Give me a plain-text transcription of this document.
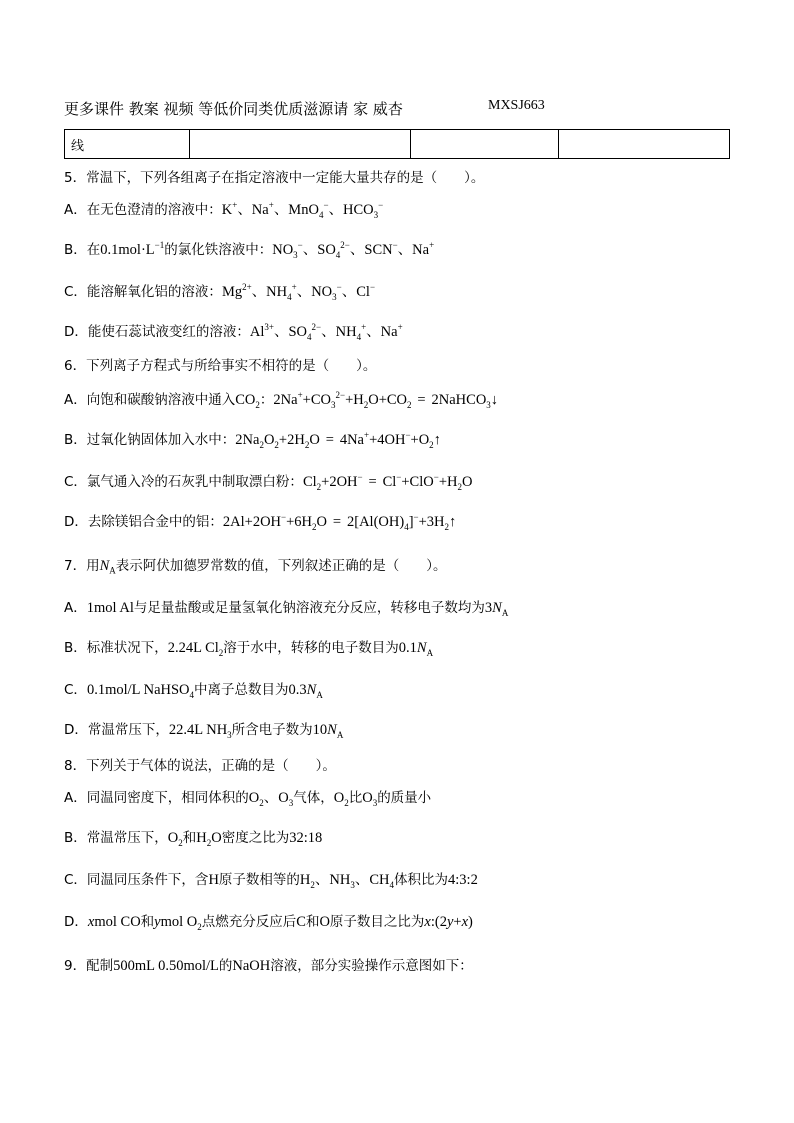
更多课件 教案 视频 等低价同类优质滋源请 家 威杏	MXSJ663
线			
5．常温下，下列各组离子在指定溶液中一定能大量共存的是（　　）。
A．在无色澄清的溶液中：K+、Na+、MnO$_4$−、$HCO_3^-$
B．在$0.1mol\cdot L^{-1}$的氯化铁溶液中：$NO_3^-$、$SO_4^{2-}$、SCN−、Na+
C．能溶解氧化铝的溶液：$Mg^{2+}$、$NH_4^+$、$NO_3^-$、Cl−
D．能使石蕊试液变红的溶液：$Al^{3+}$、$SO_4^{2-}$、$NH_4^+$、Na+
6．下列离子方程式与所给事实不相符的是（　　）。
A．向饱和碳酸钠溶液中通入$CO_2$：$2Na^++CO_3^{2-}+H_2O+CO_2=$ 2NaHCO$_3$↓
B．过氧化钠固体加入水中：$2Na_2O_2+2H_2O=$ $4Na^++4OH^-+O_2↑$
C．氯气通入冷的石灰乳中制取漂白粉：$Cl_2+2OH^-= Cl^-+ClO^-+H_2O$
D．去除镁铝合金中的铝：$2Al+2OH^-+6H_2O=$ $2[Al(OH)_4]^-+3H_2↑$
7．用$N_A$表示阿伏加德罗常数的值，下列叙述正确的是（　　）。
A．1mol Al与足量盐酸或足量氢氧化钠溶液充分反应，转移电子数均为$3N_A$
B．标准状况下，2.24L $Cl_2$溶于水中，转移的电子数目为$0.1N_A$
C．0.1mol/L NaHSO$_4$中离子总数目为$0.3N_A$
D．常温常压下，22.4L $NH_3$所含电子数为$10N_A$
8．下列关于气体的说法，正确的是（　　）。
A．同温同密度下，相同体积的$O_2$、$O_3$气体，$O_2$比$O_3$的质量小
B．常温常压下，$O_2$和$H_2O$密度之比为32:18
C．同温同压条件下，含H原子数相等的$H_2$、$NH_3$、$CH_4$体积比为4:3:2
D．xmol CO和ymol $O_2$点燃充分反应后C和O原子数目之比为x:(2y+x)
9．配制500mL 0.50mol/L的NaOH溶液，部分实验操作示意图如下：
